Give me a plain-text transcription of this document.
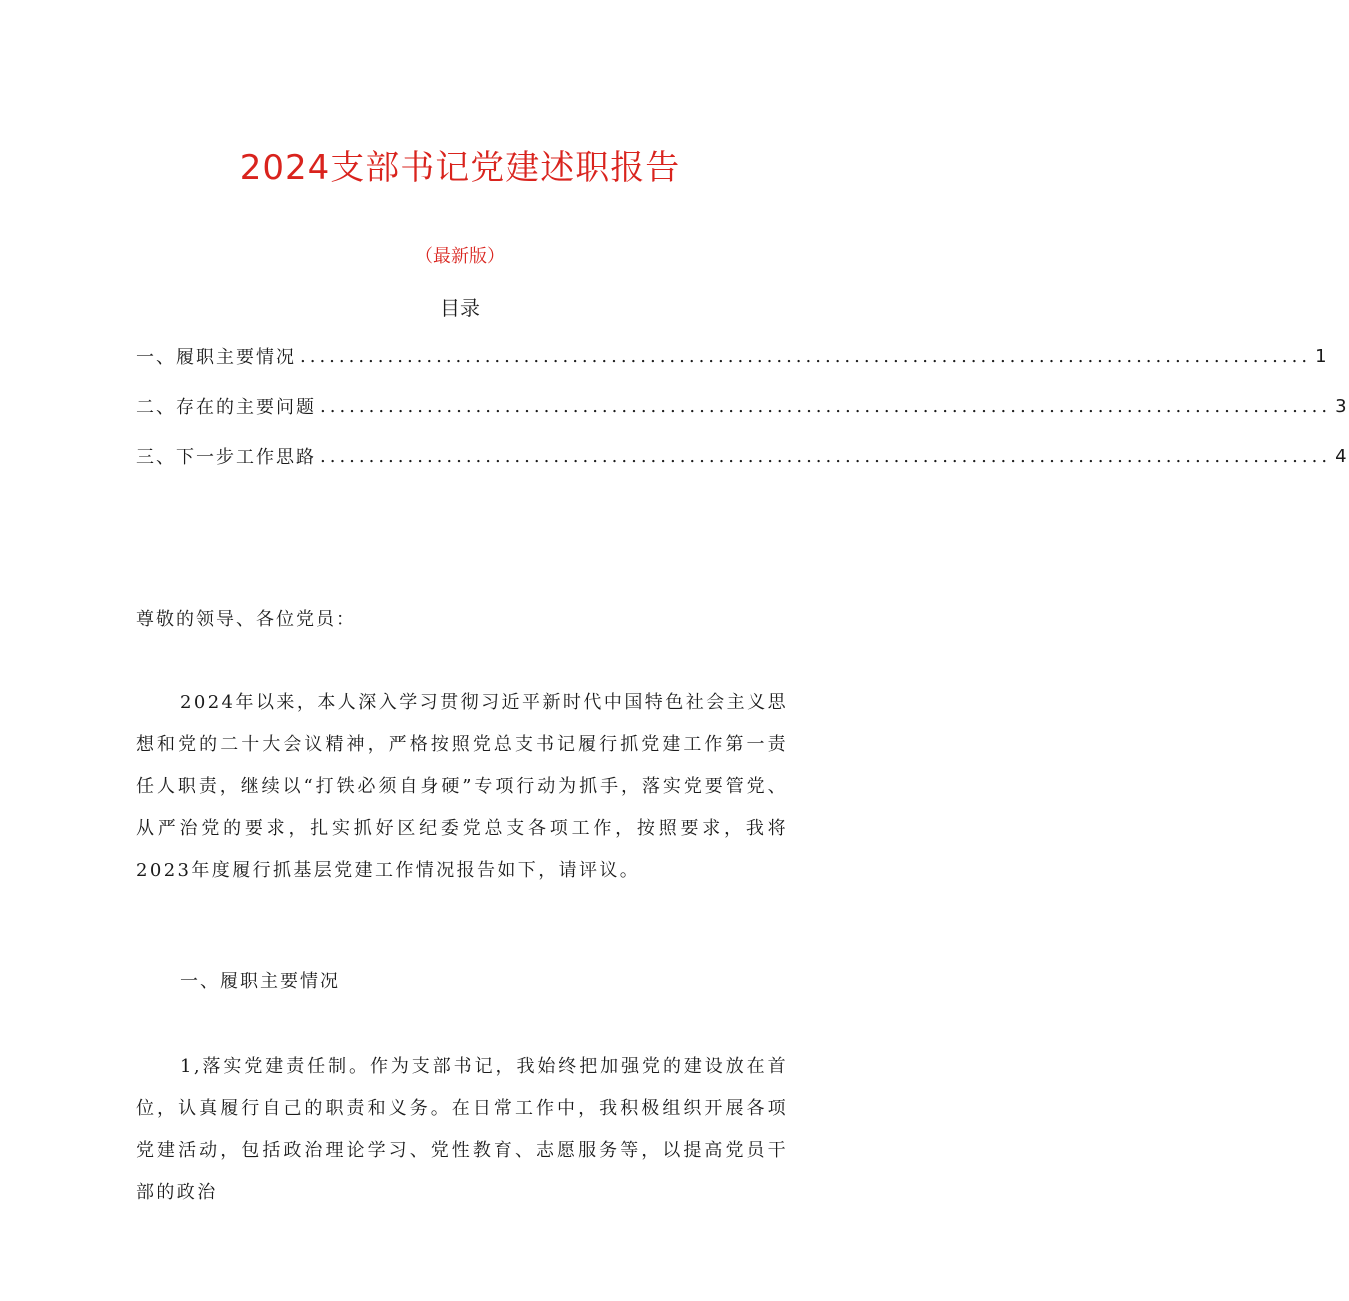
2024支部书记党建述职报告
（最新版）
目录
一、履职主要情况 ........................................................................................................ 1
二、存在的主要问题 ........................................................................................................ 3
三、下一步工作思路 ........................................................................................................ 4
尊敬的领导、各位党员：

2024年以来，本人深入学习贯彻习近平新时代中国特色社会主义思想和党的二十大会议精神，严格按照党总支书记履行抓党建工作第一责任人职责，继续以“打铁必须自身硬”专项行动为抓手，落实党要管党、从严治党的要求，扎实抓好区纪委党总支各项工作，按照要求，我将2023年度履行抓基层党建工作情况报告如下，请评议。

一、履职主要情况

1,落实党建责任制。作为支部书记，我始终把加强党的建设放在首位，认真履行自己的职责和义务。在日常工作中，我积极组织开展各项党建活动，包括政治理论学习、党性教育、志愿服务等，以提高党员干部的政治
